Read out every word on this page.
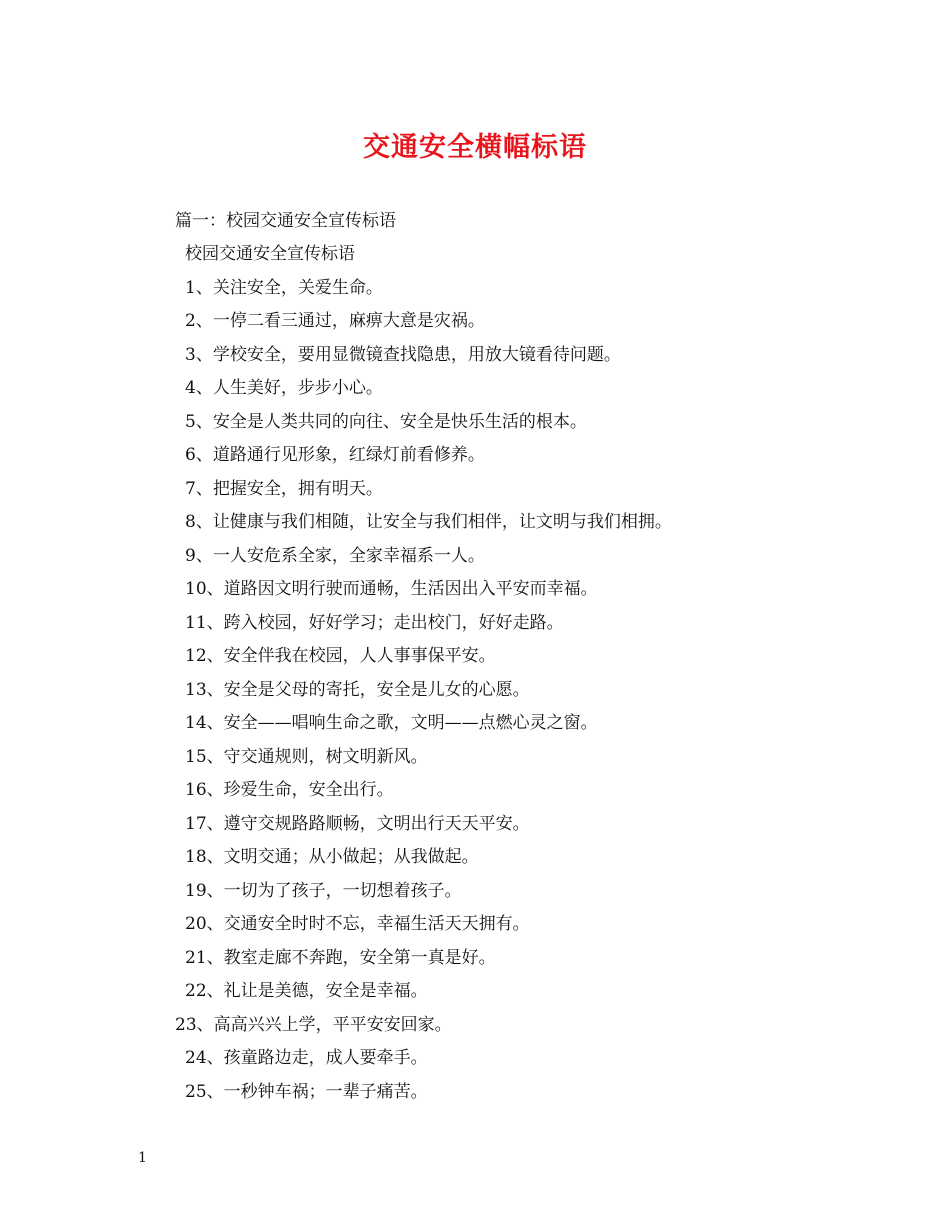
交通安全横幅标语
篇一：校园交通安全宣传标语
校园交通安全宣传标语
1、关注安全，关爱生命。
2、一停二看三通过，麻痹大意是灾祸。
3、学校安全，要用显微镜查找隐患，用放大镜看待问题。
4、人生美好，步步小心。
5、安全是人类共同的向往、安全是快乐生活的根本。
6、道路通行见形象，红绿灯前看修养。
7、把握安全，拥有明天。
8、让健康与我们相随，让安全与我们相伴，让文明与我们相拥。
9、一人安危系全家，全家幸福系一人。
10、道路因文明行驶而通畅，生活因出入平安而幸福。
11、跨入校园，好好学习；走出校门，好好走路。
12、安全伴我在校园，人人事事保平安。
13、安全是父母的寄托，安全是儿女的心愿。
14、安全——唱响生命之歌，文明——点燃心灵之窗。
15、守交通规则，树文明新风。
16、珍爱生命，安全出行。
17、遵守交规路路顺畅，文明出行天天平安。
18、文明交通；从小做起；从我做起。
19、一切为了孩子，一切想着孩子。
20、交通安全时时不忘，幸福生活天天拥有。
21、教室走廊不奔跑，安全第一真是好。
22、礼让是美德，安全是幸福。
23、高高兴兴上学，平平安安回家。
24、孩童路边走，成人要牵手。
25、一秒钟车祸；一辈子痛苦。
1
